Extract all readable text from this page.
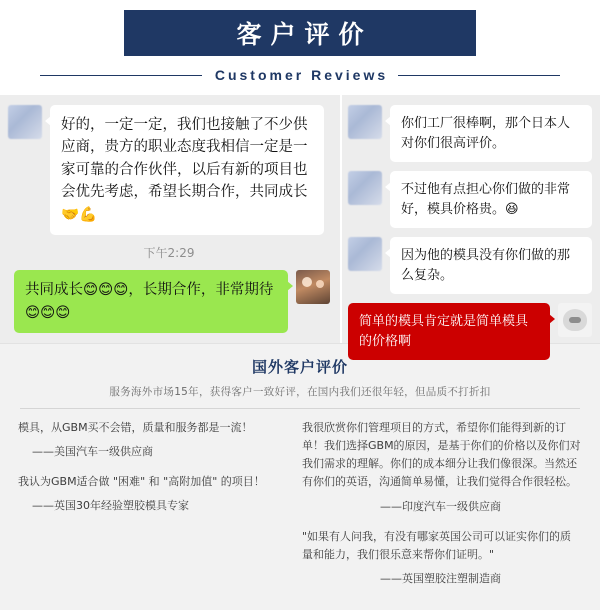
客户评价
Customer Reviews
好的，一定一定，我们也接触了不少供应商，贵方的职业态度我相信一定是一家可靠的合作伙伴，以后有新的项目也会优先考虑，希望长期合作，共同成长🤝💪
下午2:29
共同成长😊😊😊，长期合作，非常期待😊😊😊
你们工厂很棒啊，那个日本人对你们很高评价。
不过他有点担心你们做的非常好，模具价格贵。😆
因为他的模具没有你们做的那么复杂。
简单的模具肯定就是简单模具的价格啊
国外客户评价
服务海外市场15年，获得客户一致好评，在国内我们还很年轻，但品质不打折扣
模具，从GBM买不会错，质量和服务都是一流！
——美国汽车一级供应商
我认为GBM适合做 "困难" 和 "高附加值" 的项目！
——英国30年经验塑胶模具专家
我很欣赏你们管理项目的方式，希望你们能得到新的订单！我们选择GBM的原因，是基于你们的价格以及你们对我们需求的理解。你们的成本细分让我们像很深。当然还有你们的英语，沟通简单易懂，让我们觉得合作很轻松。
——印度汽车一级供应商
"如果有人问我，有没有哪家英国公司可以证实你们的质量和能力，我们很乐意来帮你们证明。"
——英国塑胶注塑制造商
